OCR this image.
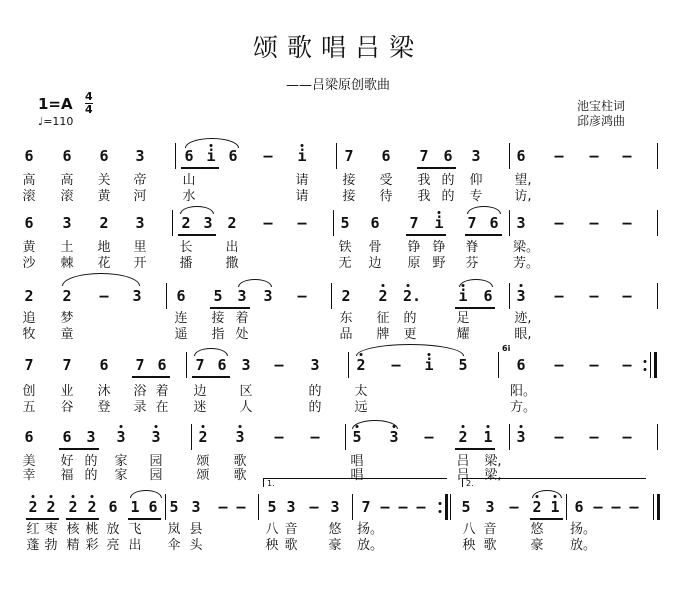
颂歌唱吕梁
——吕梁原创歌曲
1=A 4
4
♩=110
池宝柱词
邱彦鸿曲
6 6 6 3	6 i 6 – i	7 6 7 6 3 6 – – –
高 高 关 帝	山	请	接 受 我 的 仰 望,
滚 滚 黄 河	水	请	接 待 我 的 专 访,
6 3 2 3 2 3 2 – – 5 6 7 i 7 6 3 – – –
黄 土 地 里	长	出	铁 骨 铮 铮 脊	梁。
沙 棘 花 开	播	撒	无 边 原 野 芬	芳。
2 2 – 3 6 5 3 3 – 2 2 2. i 6 3 – – –
追 梦	连 接 着	东 征 的	足	迹,
牧 童	遥 指 处	品 牌 更	耀	眼,
7 7 6 7 6 7 6 3 – 3 2 – i 5
6i
6 – – –
创 业 沐 浴 着 边	区	的	太	阳。
五 谷 登 录 在 迷	人	的	远	方。
6 6 3 3 3	2 3 – – 5 3 – 2 1 3 – – –
美 好 的 家 园	颂 歌	唱	吕 梁,
幸 福 的 家 园	颂 歌	唱	吕 梁,
1.	2.
2 2 2 2 6 1 6 5 3 – – 5 3 – 3 7 – – – 5 3 – 2 1 6 – – –
红 枣 核 桃 放 飞 岚 县	八 音 悠 扬。	八 音	悠 扬。
蓬 勃 精 彩 亮 出 伞 头	秧 歌 豪 放。	秧 歌	豪 放。
